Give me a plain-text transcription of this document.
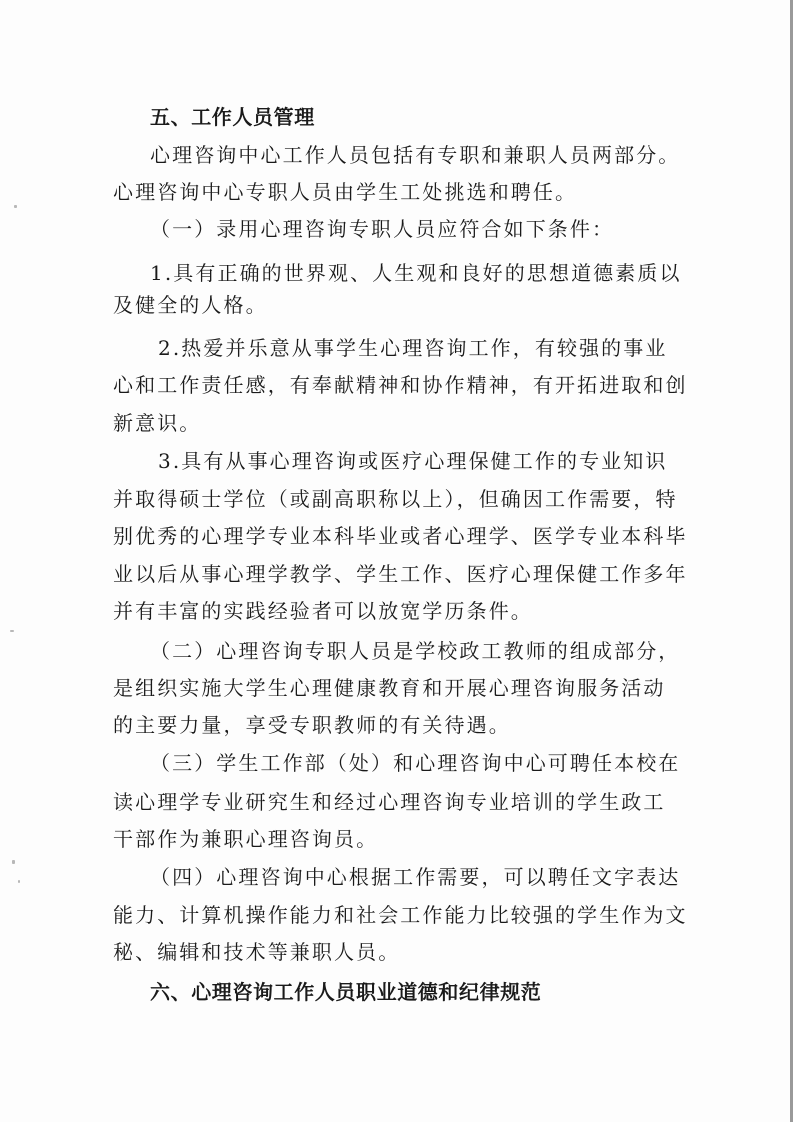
五、工作人员管理
心理咨询中心工作人员包括有专职和兼职人员两部分。
心理咨询中心专职人员由学生工处挑选和聘任。
（一）录用心理咨询专职人员应符合如下条件：
1.具有正确的世界观、人生观和良好的思想道德素质以
及健全的人格。
2.热爱并乐意从事学生心理咨询工作，有较强的事业
心和工作责任感，有奉献精神和协作精神，有开拓进取和创
新意识。
3.具有从事心理咨询或医疗心理保健工作的专业知识
并取得硕士学位（或副高职称以上），但确因工作需要，特
别优秀的心理学专业本科毕业或者心理学、医学专业本科毕
业以后从事心理学教学、学生工作、医疗心理保健工作多年
并有丰富的实践经验者可以放宽学历条件。
（二）心理咨询专职人员是学校政工教师的组成部分，
是组织实施大学生心理健康教育和开展心理咨询服务活动
的主要力量，享受专职教师的有关待遇。
（三）学生工作部（处）和心理咨询中心可聘任本校在
读心理学专业研究生和经过心理咨询专业培训的学生政工
干部作为兼职心理咨询员。
（四）心理咨询中心根据工作需要，可以聘任文字表达
能力、计算机操作能力和社会工作能力比较强的学生作为文
秘、编辑和技术等兼职人员。
六、心理咨询工作人员职业道德和纪律规范
